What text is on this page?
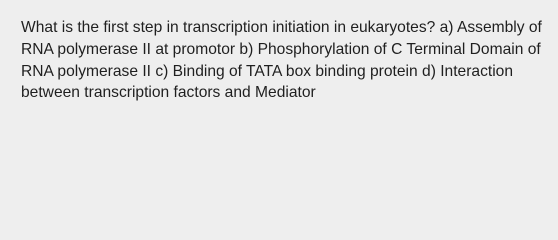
What is the first step in transcription initiation in eukaryotes? a) Assembly of RNA polymerase II at promotor b) Phosphorylation of C Terminal Domain of RNA polymerase II c) Binding of TATA box binding protein d) Interaction between transcription factors and Mediator
